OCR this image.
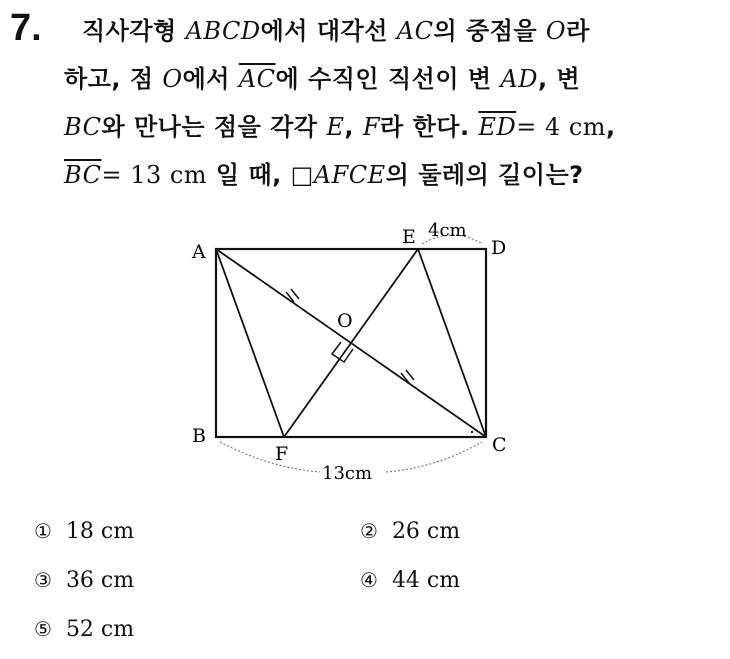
7. 직사각형 ABCD에서 대각선 AC의 중점을 O라
하고, 점 O에서 $\overline{AC}$에 수직인 직선이 변 AD, 변
BC와 만나는 점을 각각 E, F라 한다. $\overline{ED}= 4$ cm,
$\overline{BC}= 13$ cm 일 때, □AFCE의 둘레의 길이는?
A
B	C
D
E
F
O
4cm
13cm
① 18 cm	② 26 cm
③ 36 cm	④ 44 cm
⑤ 52 cm
